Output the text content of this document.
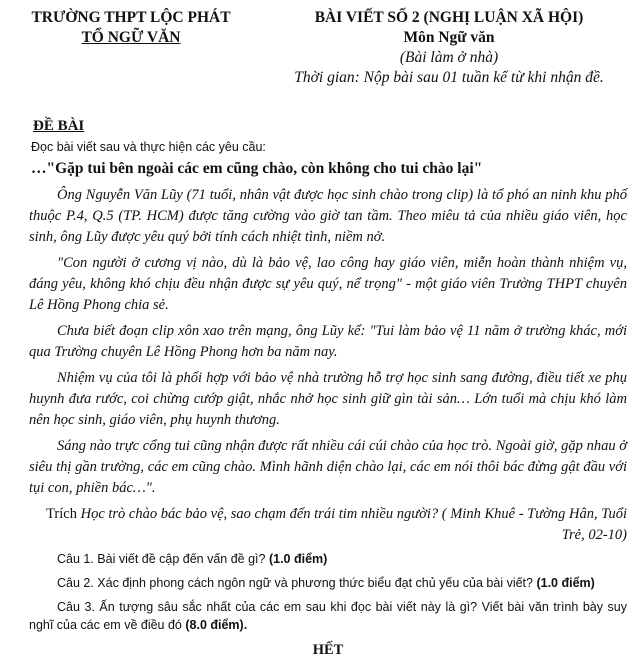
TRƯỜNG THPT LỘC PHÁT
TỔ NGỮ VĂN
BÀI VIẾT SỐ 2 (NGHỊ LUẬN XÃ HỘI)
Môn Ngữ văn
(Bài làm ở nhà)
Thời gian: Nộp bài sau 01 tuần kể từ khi nhận đề.
ĐỀ BÀI
Đọc bài viết sau và thực hiện các yêu cầu:
…"Gặp tui bên ngoài các em cũng chào, còn không cho tui chào lại"
Ông Nguyễn Văn Lũy (71 tuổi, nhân vật được học sinh chào trong clip) là tổ phó an ninh khu phố thuộc P.4, Q.5 (TP. HCM) được tăng cường vào giờ tan tầm. Theo miêu tả của nhiều giáo viên, học sinh, ông Lũy được yêu quý bởi tính cách nhiệt tình, niềm nở.
"Con người ở cương vị nào, dù là bảo vệ, lao công hay giáo viên, miễn hoàn thành nhiệm vụ, đáng yêu, không khó chịu đều nhận được sự yêu quý, nể trọng" - một giáo viên Trường THPT chuyên Lê Hồng Phong chia sẻ.
Chưa biết đoạn clip xôn xao trên mạng, ông Lũy kể: "Tui làm bảo vệ 11 năm ở trường khác, mới qua Trường chuyên Lê Hồng Phong hơn ba năm nay.
Nhiệm vụ của tôi là phối hợp với bảo vệ nhà trường hỗ trợ học sinh sang đường, điều tiết xe phụ huynh đưa rước, coi chừng cướp giật, nhắc nhở học sinh giữ gìn tài sản… Lớn tuổi mà chịu khó làm nên học sinh, giáo viên, phụ huynh thương.
Sáng nào trực cổng tui cũng nhận được rất nhiều cái cúi chào của học trò. Ngoài giờ, gặp nhau ở siêu thị gần trường, các em cũng chào. Mình hãnh diện chào lại, các em nói thôi bác đừng gật đầu với tụi con, phiền bác…".
Trích Học trò chào bác bảo vệ, sao chạm đến trái tim nhiều người? ( Minh Khuê - Tường Hân, Tuổi Trẻ, 02-10)
Câu 1. Bài viết đề cập đến vấn đề gì? (1.0 điểm)
Câu 2. Xác định phong cách ngôn ngữ và phương thức biểu đạt chủ yếu của bài viết? (1.0 điểm)
Câu 3. Ấn tượng sâu sắc nhất của các em sau khi đọc bài viết này là gì? Viết bài văn trình bày suy nghĩ của các em về điều đó (8.0 điểm).
HẾT
